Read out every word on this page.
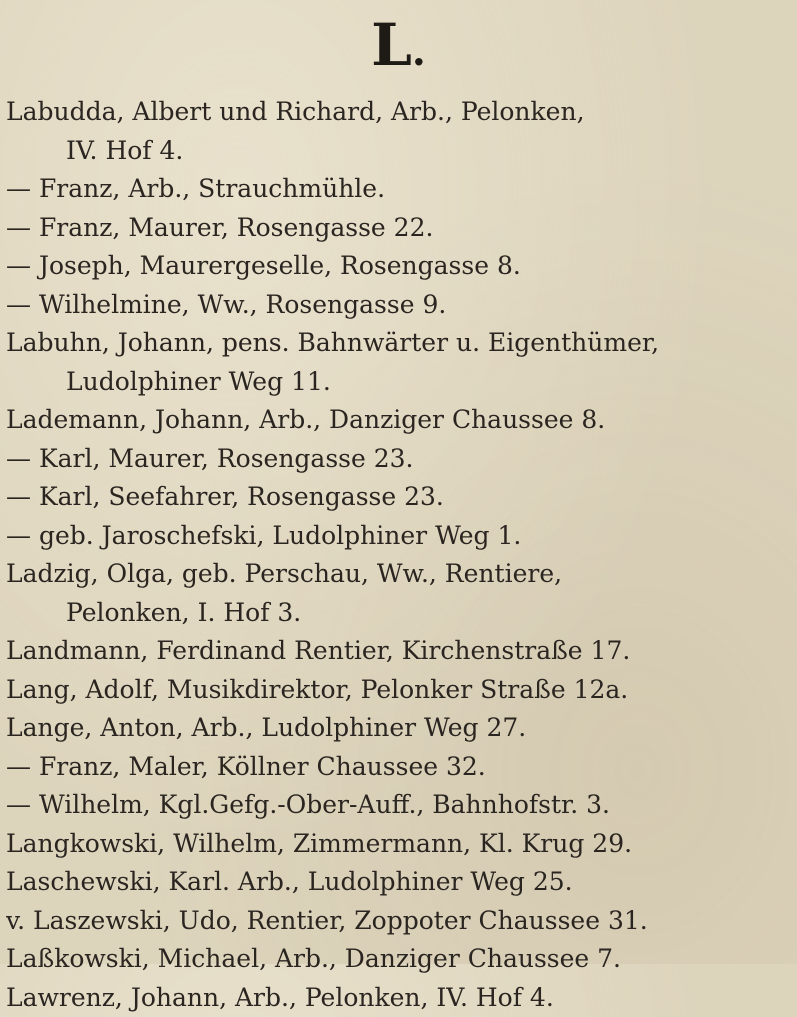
L.
Labudda, Albert und Richard, Arb., Pelonken,
IV. Hof 4.
— Franz, Arb., Strauchmühle.
— Franz, Maurer, Rosengasse 22.
— Joseph, Maurergeselle, Rosengasse 8.
— Wilhelmine, Ww., Rosengasse 9.
Labuhn, Johann, pens. Bahnwärter u. Eigenthümer,
Ludolphiner Weg 11.
Lademann, Johann, Arb., Danziger Chaussee 8.
— Karl, Maurer, Rosengasse 23.
— Karl, Seefahrer, Rosengasse 23.
— geb. Jaroschefski, Ludolphiner Weg 1.
Ladzig, Olga, geb. Perschau, Ww., Rentiere,
Pelonken, I. Hof 3.
Landmann, Ferdinand Rentier, Kirchenstraße 17.
Lang, Adolf, Musikdirektor, Pelonker Straße 12a.
Lange, Anton, Arb., Ludolphiner Weg 27.
— Franz, Maler, Köllner Chaussee 32.
— Wilhelm, Kgl.Gefg.-Ober-Auff., Bahnhofstr. 3.
Langkowski, Wilhelm, Zimmermann, Kl. Krug 29.
Laschewski, Karl. Arb., Ludolphiner Weg 25.
v. Laszewski, Udo, Rentier, Zoppoter Chaussee 31.
Laßkowski, Michael, Arb., Danziger Chaussee 7.
Lawrenz, Johann, Arb., Pelonken, IV. Hof 4.
